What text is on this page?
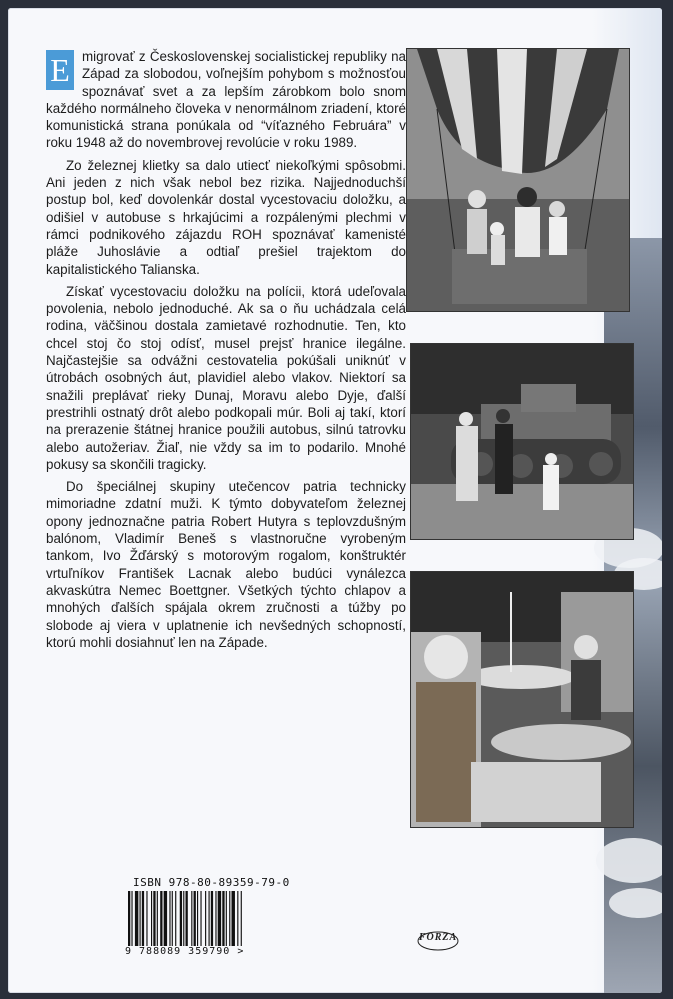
E migrovať z Československej socialistickej republiky na Západ za slobodou, voľnejším pohybom s možnosťou spoznávať svet a za lepším zárobkom bolo snom každého normálneho človeka v nenormálnom zriadení, ktoré komunistická strana ponúkala od “víťazného Februára” v roku 1948 až do novembrovej revolúcie v roku 1989.

Zo železnej klietky sa dalo utiecť niekoľkými spôsobmi. Ani jeden z nich však nebol bez rizika. Najjednoduchší postup bol, keď dovolenkár dostal vycestovaciu doložku, a odišiel v autobuse s hrkajúcimi a rozpálenými plechmi v rámci podnikového zájazdu ROH spoznávať kamenisté pláže Juhoslávie a odtiaľ prešiel trajektom do kapitalistického Talianska.

Získať vycestovaciu doložku na polícii, ktorá udeľovala povolenia, nebolo jednoduché. Ak sa o ňu uchádzala celá rodina, väčšinou dostala zamietavé rozhodnutie. Ten, kto chcel stoj čo stoj odísť, musel prejsť hranice ilegálne. Najčastejšie sa odvážni cestovatelia pokúšali uniknúť v útrobách osobných áut, plavidiel alebo vlakov. Niektorí sa snažili preplávať rieky Dunaj, Moravu alebo Dyje, ďalší prestrihli ostnatý drôt alebo podkopali múr. Boli aj takí, ktorí na prerazenie štátnej hranice použili autobus, silnú tatrovku alebo autožeriav. Žiaľ, nie vždy sa im to podarilo. Mnohé pokusy sa skončili tragicky.

Do špeciálnej skupiny utečencov patria technicky mimoriadne zdatní muži. K týmto dobyvateľom železnej opony jednoznačne patria Robert Hutyra s teplovzdušným balónom, Vladimír Beneš s vlastnoručne vyrobeným tankom, Ivo Žďárský s motorovým rogalom, konštruktér vrtuľníkov František Lacnak alebo budúci vynálezca akvaskútra Nemec Boettgner. Všetkých týchto chlapov a mnohých ďalších spájala okrem zručnosti a túžby po slobode aj viera v uplatnenie ich nevšedných schopností, ktorú mohli dosiahnuť len na Západe.

ISBN 978-80-89359-79-0
9 788089 359790 >
FORZA
